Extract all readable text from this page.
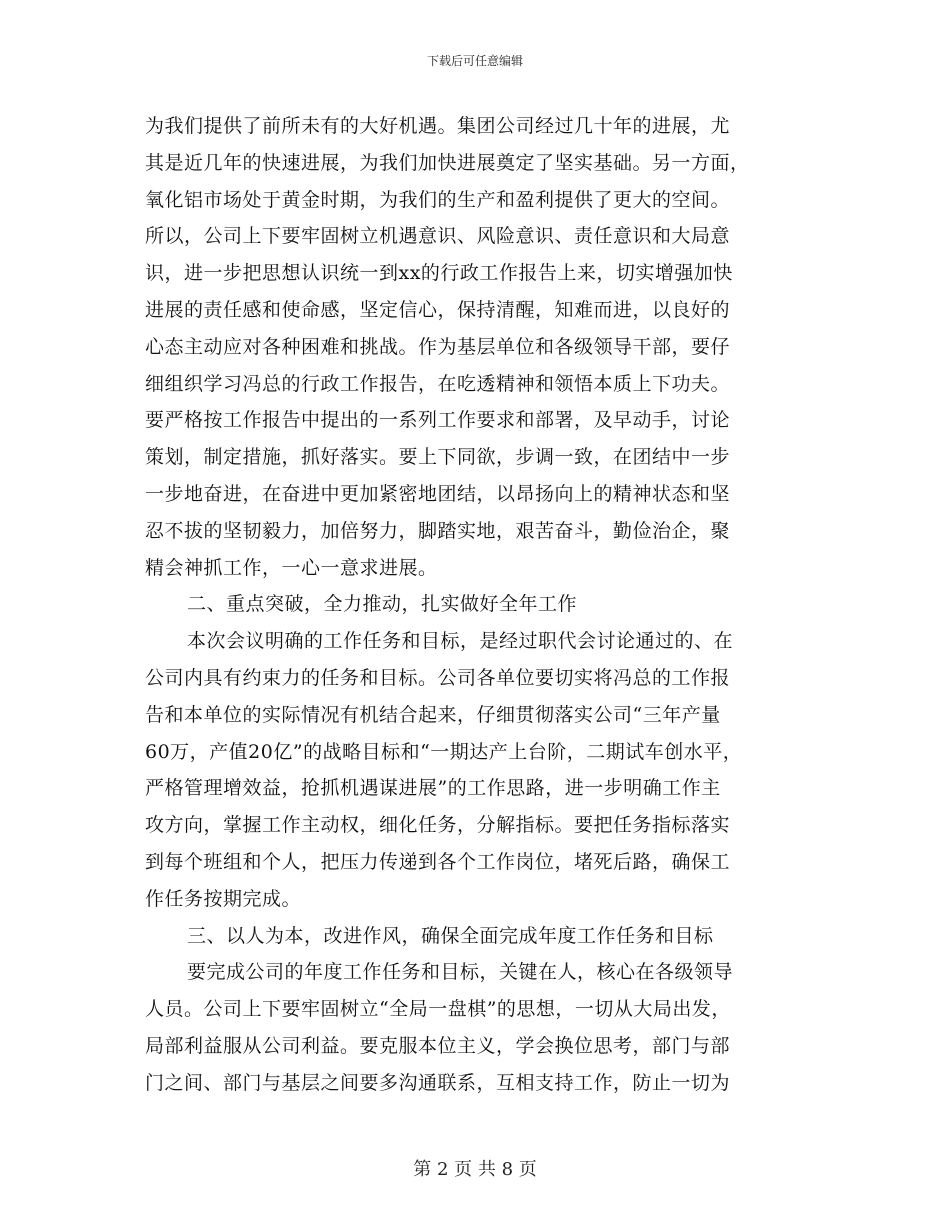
下载后可任意编辑
为我们提供了前所未有的大好机遇。集团公司经过几十年的进展，尤
其是近几年的快速进展，为我们加快进展奠定了坚实基础。另一方面，
氧化铝市场处于黄金时期，为我们的生产和盈利提供了更大的空间。
所以，公司上下要牢固树立机遇意识、风险意识、责任意识和大局意
识，进一步把思想认识统一到xx的行政工作报告上来，切实增强加快
进展的责任感和使命感，坚定信心，保持清醒，知难而进，以良好的
心态主动应对各种困难和挑战。作为基层单位和各级领导干部，要仔
细组织学习冯总的行政工作报告，在吃透精神和领悟本质上下功夫。
要严格按工作报告中提出的一系列工作要求和部署，及早动手，讨论
策划，制定措施，抓好落实。要上下同欲，步调一致，在团结中一步
一步地奋进，在奋进中更加紧密地团结，以昂扬向上的精神状态和坚
忍不拔的坚韧毅力，加倍努力，脚踏实地，艰苦奋斗，勤俭治企，聚
精会神抓工作，一心一意求进展。
二、重点突破，全力推动，扎实做好全年工作
本次会议明确的工作任务和目标，是经过职代会讨论通过的、在
公司内具有约束力的任务和目标。公司各单位要切实将冯总的工作报
告和本单位的实际情况有机结合起来，仔细贯彻落实公司“三年产量
60万，产值20亿”的战略目标和“一期达产上台阶，二期试车创水平，
严格管理增效益，抢抓机遇谋进展”的工作思路，进一步明确工作主
攻方向，掌握工作主动权，细化任务，分解指标。要把任务指标落实
到每个班组和个人，把压力传递到各个工作岗位，堵死后路，确保工
作任务按期完成。
三、以人为本，改进作风，确保全面完成年度工作任务和目标
要完成公司的年度工作任务和目标，关键在人，核心在各级领导
人员。公司上下要牢固树立“全局一盘棋”的思想，一切从大局出发，
局部利益服从公司利益。要克服本位主义，学会换位思考，部门与部
门之间、部门与基层之间要多沟通联系，互相支持工作，防止一切为
第 2 页 共 8 页
